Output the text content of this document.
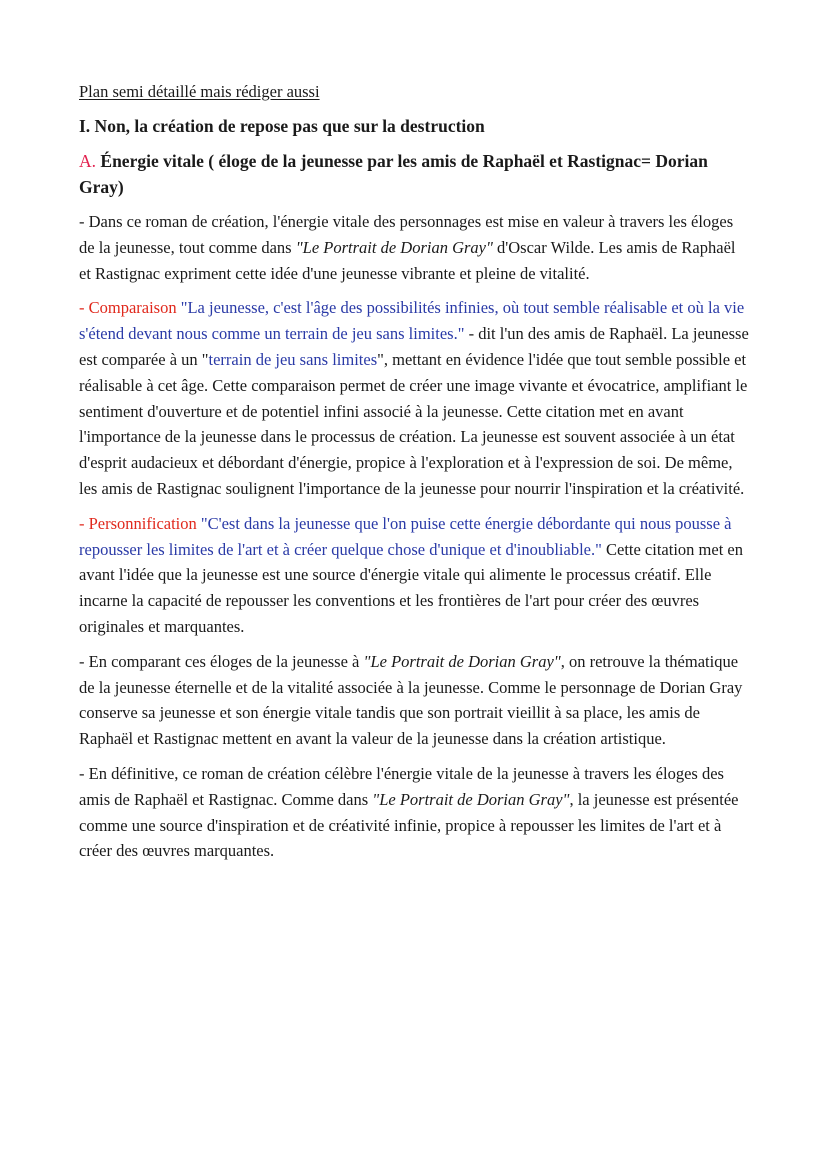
Plan semi détaillé mais rédiger aussi

I. Non, la création de repose pas que sur la destruction

A. Énergie vitale ( éloge de la jeunesse par les amis de Raphaël et Rastignac= Dorian Gray)

- Dans ce roman de création, l'énergie vitale des personnages est mise en valeur à travers les éloges de la jeunesse, tout comme dans "Le Portrait de Dorian Gray" d'Oscar Wilde. Les amis de Raphaël et Rastignac expriment cette idée d'une jeunesse vibrante et pleine de vitalité.

- Comparaison "La jeunesse, c'est l'âge des possibilités infinies, où tout semble réalisable et où la vie s'étend devant nous comme un terrain de jeu sans limites." - dit l'un des amis de Raphaël. La jeunesse est comparée à un "terrain de jeu sans limites", mettant en évidence l'idée que tout semble possible et réalisable à cet âge. Cette comparaison permet de créer une image vivante et évocatrice, amplifiant le sentiment d'ouverture et de potentiel infini associé à la jeunesse. Cette citation met en avant l'importance de la jeunesse dans le processus de création. La jeunesse est souvent associée à un état d'esprit audacieux et débordant d'énergie, propice à l'exploration et à l'expression de soi. De même, les amis de Rastignac soulignent l'importance de la jeunesse pour nourrir l'inspiration et la créativité.

- Personnification "C'est dans la jeunesse que l'on puise cette énergie débordante qui nous pousse à repousser les limites de l'art et à créer quelque chose d'unique et d'inoubliable." Cette citation met en avant l'idée que la jeunesse est une source d'énergie vitale qui alimente le processus créatif. Elle incarne la capacité de repousser les conventions et les frontières de l'art pour créer des œuvres originales et marquantes.

- En comparant ces éloges de la jeunesse à "Le Portrait de Dorian Gray", on retrouve la thématique de la jeunesse éternelle et de la vitalité associée à la jeunesse. Comme le personnage de Dorian Gray conserve sa jeunesse et son énergie vitale tandis que son portrait vieillit à sa place, les amis de Raphaël et Rastignac mettent en avant la valeur de la jeunesse dans la création artistique.

- En définitive, ce roman de création célèbre l'énergie vitale de la jeunesse à travers les éloges des amis de Raphaël et Rastignac. Comme dans "Le Portrait de Dorian Gray", la jeunesse est présentée comme une source d'inspiration et de créativité infinie, propice à repousser les limites de l'art et à créer des œuvres marquantes.
